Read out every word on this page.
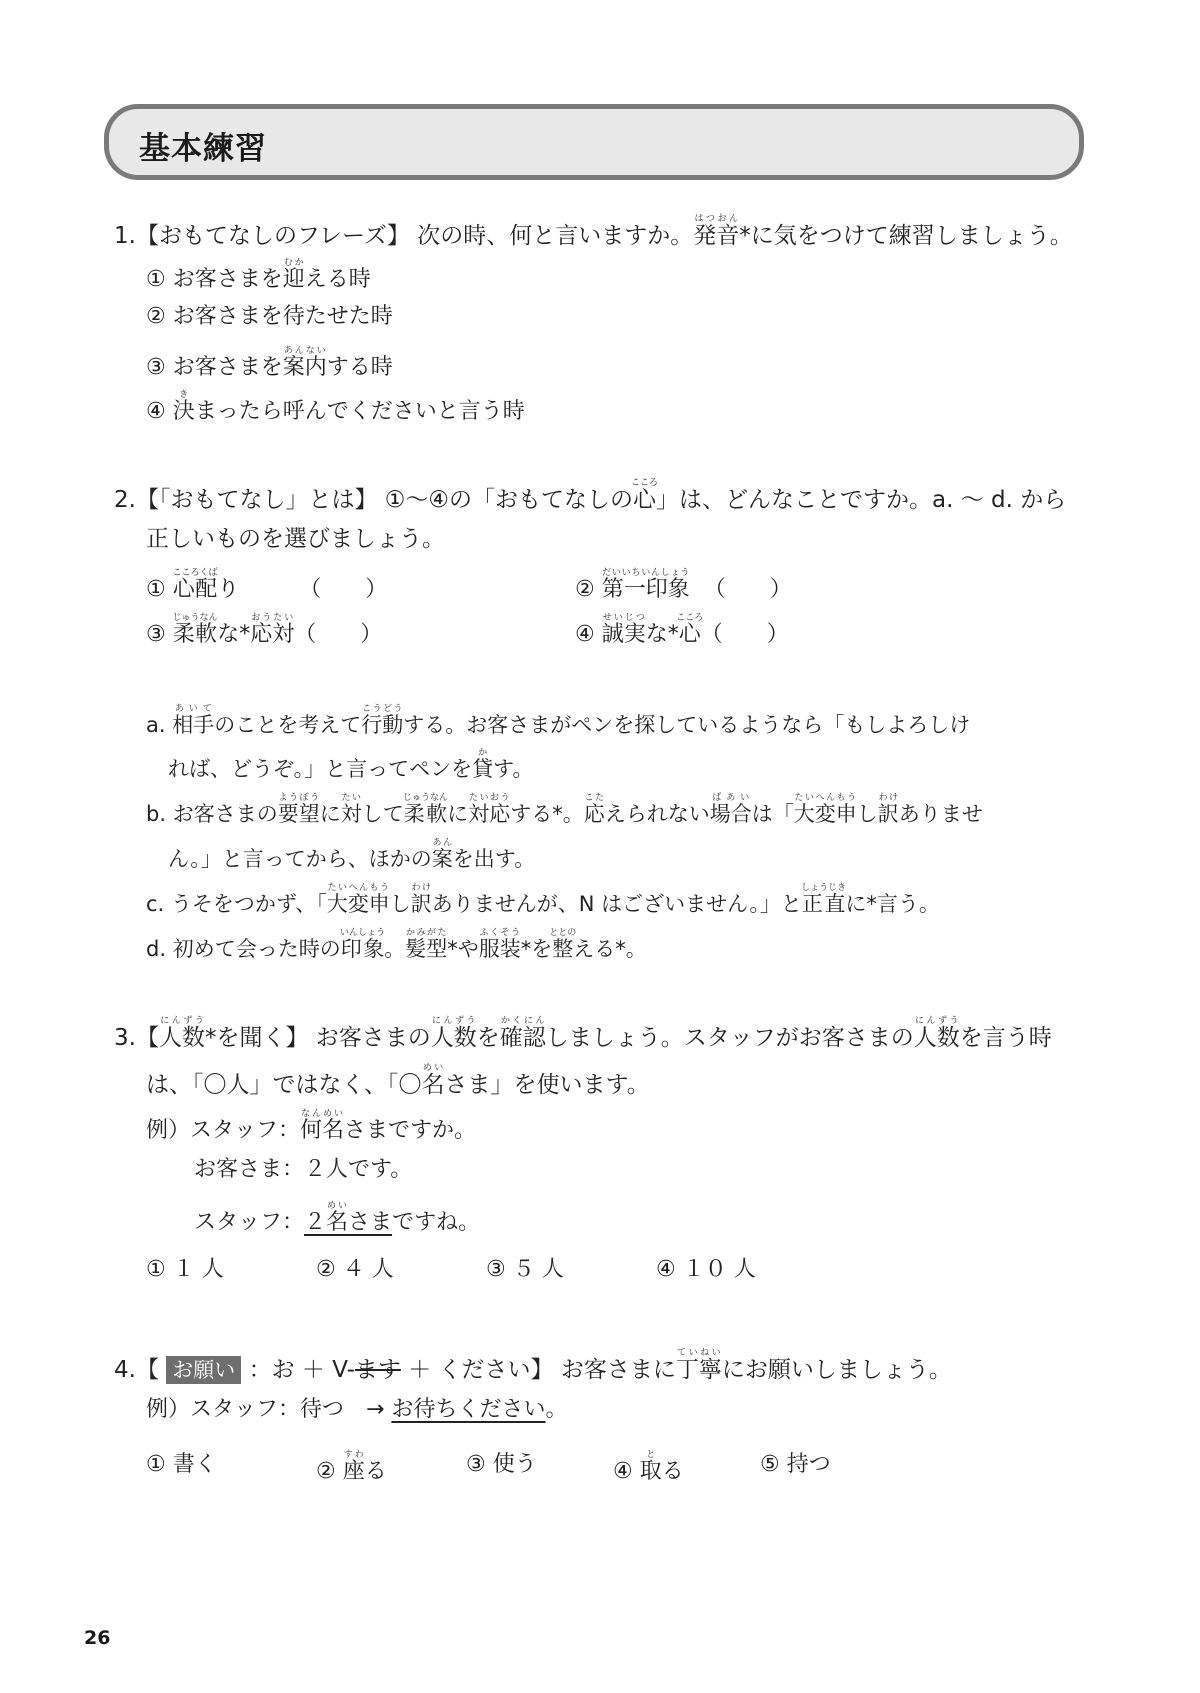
基本練習
1.【おもてなしのフレーズ】 次の時、何と言いますか。発音はつおん*に気をつけて練習しましょう。
① お客さまを迎むかえる時
② お客さまを待たせた時
③ お客さまを案内あんないする時
④ 決きまったら呼んでくださいと言う時
2.【「おもてなし」とは】 ①～④の「おもてなしの心こころ」は、どんなことですか。a. ～ d. から
正しいものを選びましょう。
① 心配こころくばり	（　　）	② 第一印象だいいちいんしょう  （　　）
③ 柔軟じゅうなんな*応対おうたい（　　）	④ 誠実せいじつな*心こころ（　　）
a. 相手あいてのことを考えて行動こうどうする。お客さまがペンを探しているようなら「もしよろしけ
れば、どうぞ。」と言ってペンを貸かす。
b. お客さまの要望ようぼうに対たいして柔軟じゅうなんに対応たいおうする*。応こたえられない場合ばあいは「大変申たいへんもうし訳わけありませ
ん。」と言ってから、ほかの案あんを出す。
c. うそをつかず、「大変申たいへんもうし訳わけありませんが、N はございません。」と正直しょうじきに*言う。
d. 初めて会った時の印象いんしょう。髪型かみがた*や服装ふくそう*を整ととのえる*。
3.【人数にんずう*を聞く】 お客さまの人数にんずうを確認かくにんしましょう。スタッフがお客さまの人数にんずうを言う時
は、「〇人」ではなく、「〇名めいさま」を使います。
例）スタッフ：何名なんめいさまですか。
お客さま：２人です。
スタッフ：２名めいさまですね。
① １ 人	② ４ 人	③ ５ 人	④ １０ 人
4.【 お願い ：お ＋ V-ます ＋ ください】 お客さまに丁寧ていねいにお願いしましょう。
例）スタッフ：待つ　→ お待ちください。
① 書く	② 座すわる	③ 使う	④ 取とる	⑤ 持つ
26
